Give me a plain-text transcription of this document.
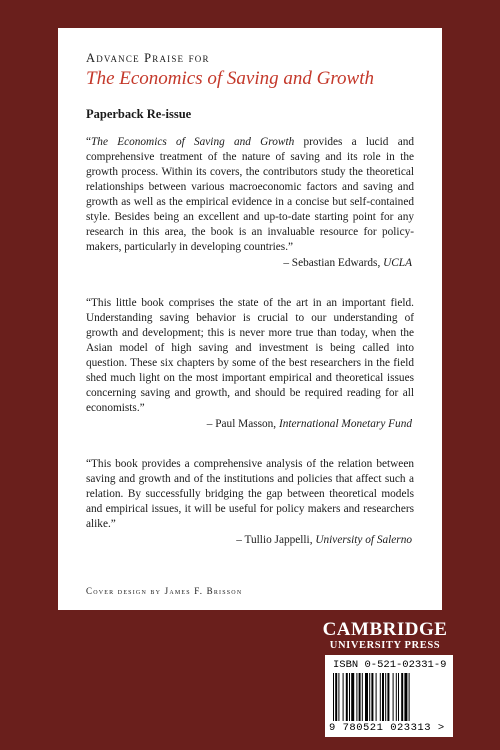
Advance Praise for

The Economics of Saving and Growth

Paperback Re-issue

“The Economics of Saving and Growth provides a lucid and comprehensive treatment of the nature of saving and its role in the growth process. Within its covers, the contributors study the theoretical relationships between various macroeconomic factors and saving and growth as well as the empirical evidence in a concise but self-contained style. Besides being an excellent and up-to-date starting point for any research in this area, the book is an invaluable resource for policy-makers, particularly in developing countries.”

– Sebastian Edwards, UCLA

“This little book comprises the state of the art in an important field. Understanding saving behavior is crucial to our understanding of growth and development; this is never more true than today, when the Asian model of high saving and investment is being called into question. These six chapters by some of the best researchers in the field shed much light on the most important empirical and theoretical issues concerning saving and growth, and should be required reading for all economists.”

– Paul Masson, International Monetary Fund

“This book provides a comprehensive analysis of the relation between saving and growth and of the institutions and policies that affect such a relation. By successfully bridging the gap between theoretical models and empirical issues, it will be useful for policy makers and researchers alike.”

– Tullio Jappelli, University of Salerno

Cover design by James F. Brisson
CAMBRIDGE
UNIVERSITY PRESS
ISBN 0-521-02331-9
9 780521 023313 >
